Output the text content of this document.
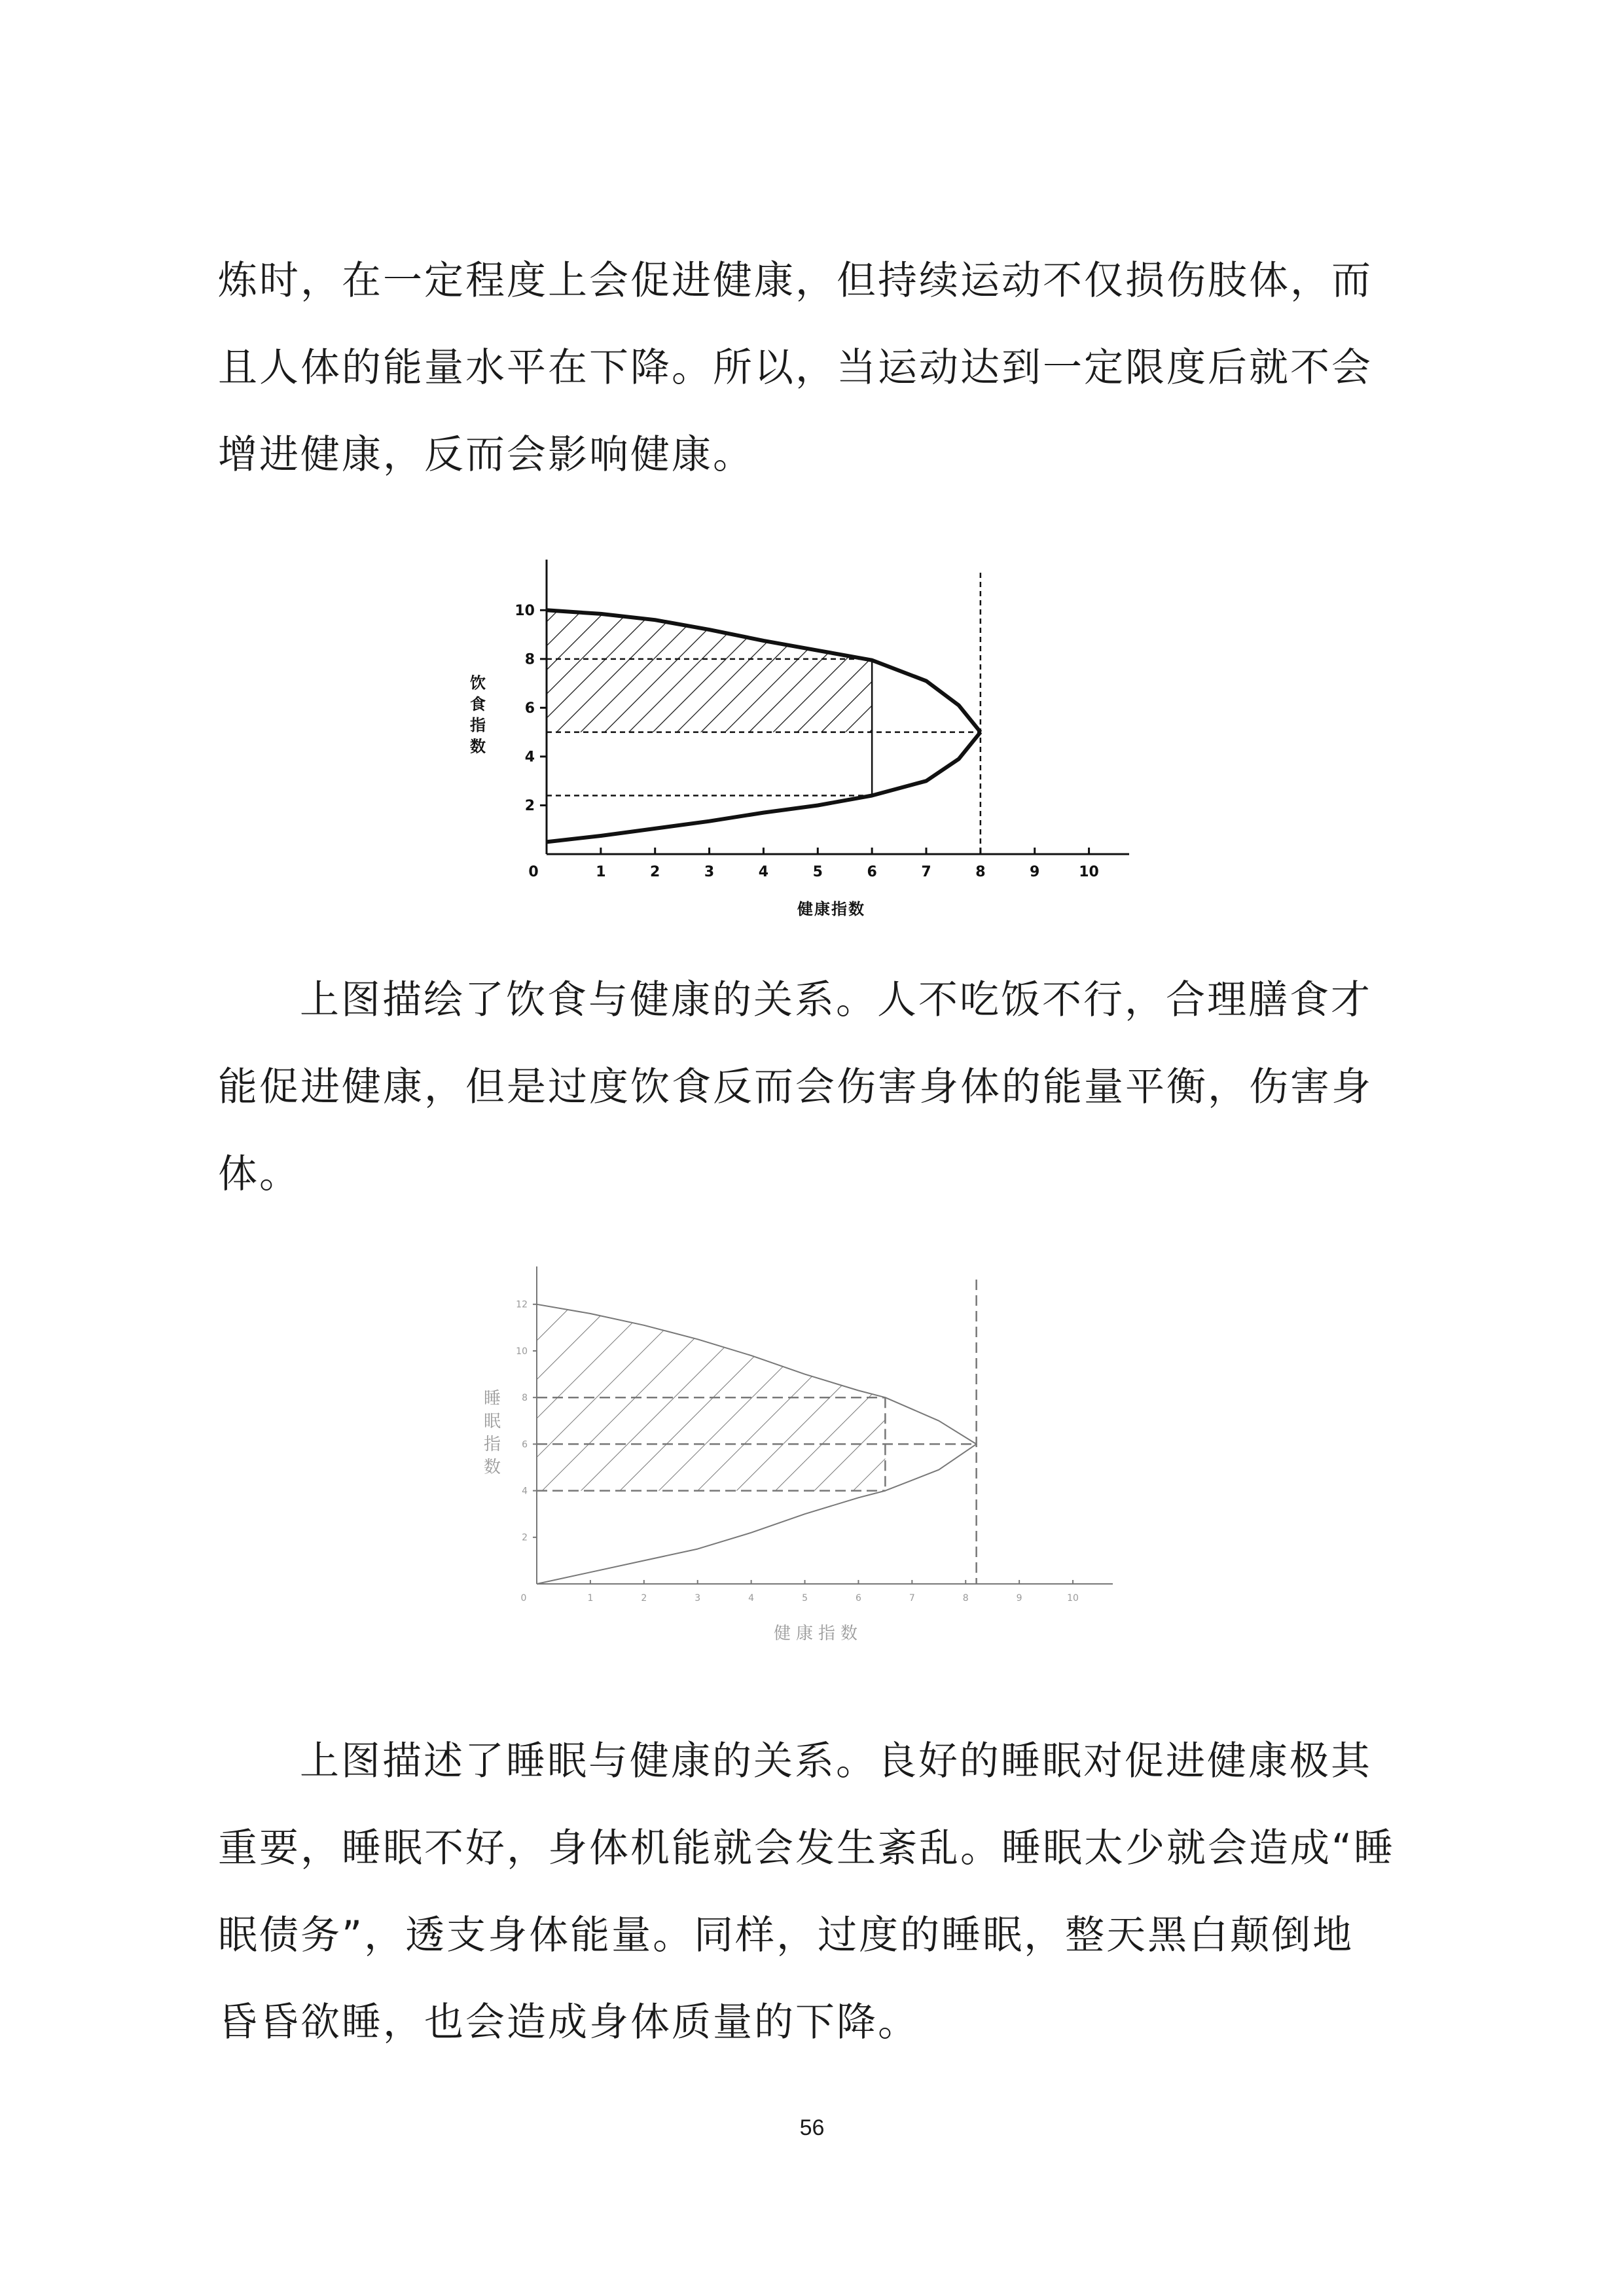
炼时，在一定程度上会促进健康，但持续运动不仅损伤肢体，而
且人体的能量水平在下降。所以，当运动达到一定限度后就不会
增进健康，反而会影响健康。
0	1	2	3	4	5	6	7	8	9	10
2
4
6
8
10
健康指数
饮食指数
上图描绘了饮食与健康的关系。人不吃饭不行，合理膳食才
能促进健康，但是过度饮食反而会伤害身体的能量平衡，伤害身
体。
0	1	2	3	4	5	6	7	8	9	10
2
4
6
8
10
12
健康指数
睡眠指数
上图描述了睡眠与健康的关系。良好的睡眠对促进健康极其
重要，睡眠不好，身体机能就会发生紊乱。睡眠太少就会造成“睡
眠债务”，透支身体能量。同样，过度的睡眠，整天黑白颠倒地
昏昏欲睡，也会造成身体质量的下降。
56
